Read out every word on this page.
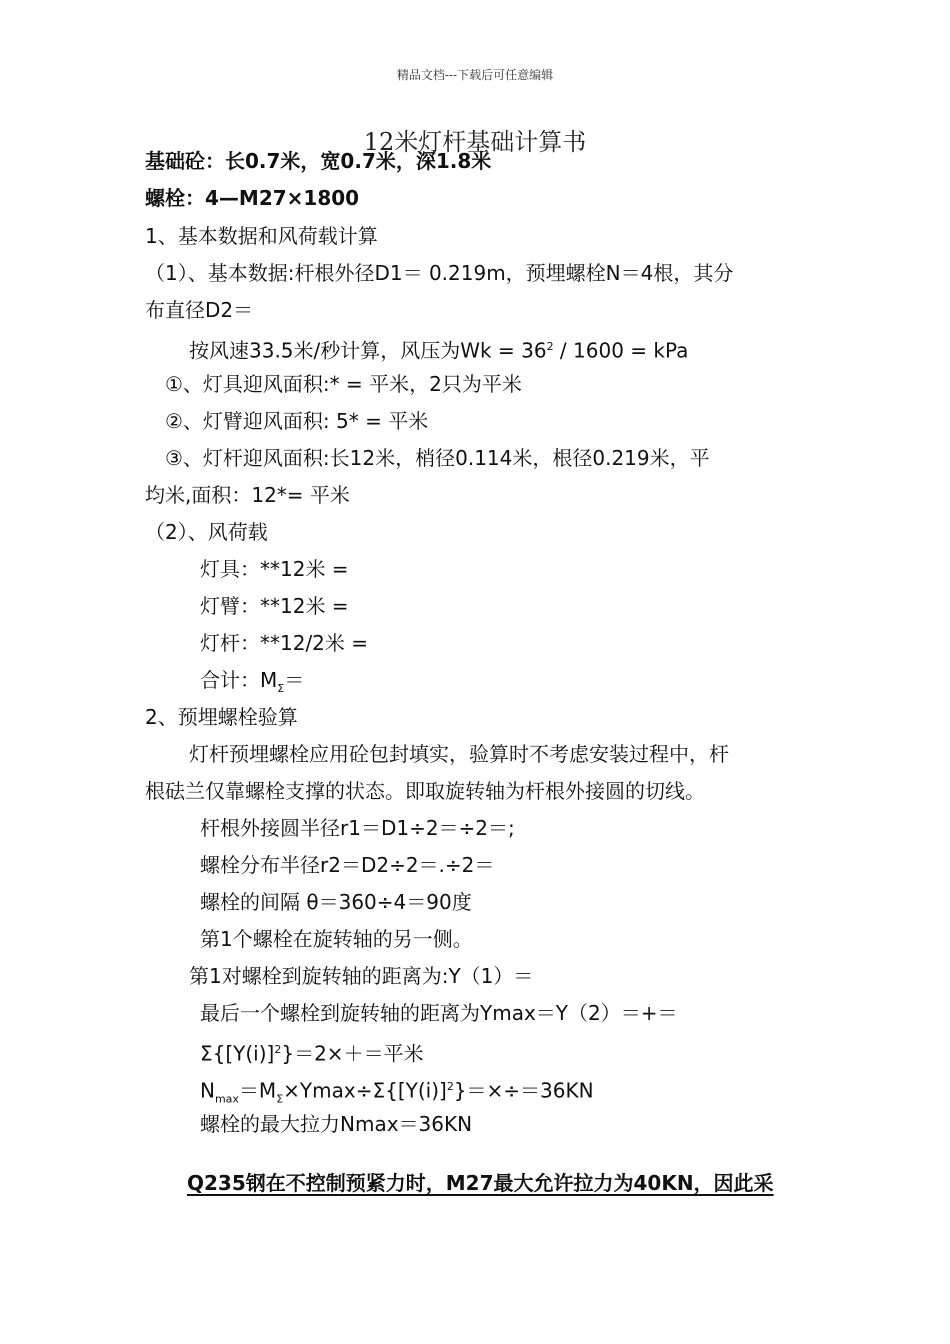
精品文档---下载后可任意编辑
12米灯杆基础计算书
基础砼：长0.7米，宽0.7米，深1.8米
螺栓：4—M27×1800
1、基本数据和风荷载计算
（1）、基本数据:杆根外径D1＝ 0.219m，预埋螺栓N＝4根，其分
布直径D2＝
按风速33.5米/秒计算，风压为$Wk = 36^2 / 1600$ = kPa
①、灯具迎风面积:* = 平米，2只为平米
②、灯臂迎风面积: 5* = 平米
③、灯杆迎风面积:长12米，梢径0.114米，根径0.219米，平
均米,面积：12*= 平米
（2）、风荷载
灯具：**12米 =
灯臂：**12米 =
灯杆：**12/2米 =
合计：$M_\Sigma=$
2、预埋螺栓验算
灯杆预埋螺栓应用砼包封填实，验算时不考虑安装过程中，杆
根砝兰仅靠螺栓支撑的状态。即取旋转轴为杆根外接圆的切线。
杆根外接圆半径r1＝D1÷2＝÷2＝;
螺栓分布半径r2＝D2÷2＝.÷2＝
螺栓的间隔 θ＝360÷4＝90度
第1个螺栓在旋转轴的另一侧。
第1对螺栓到旋转轴的距离为:Y（1）＝
最后一个螺栓到旋转轴的距离为Ymax＝Y（2）＝+＝
$\Sigma\{[Y(i)]^2\}=2\times+=$平米
$N_{max}=M_\Sigma\times Ymax\div\Sigma\{[Y(i)]^2\}=\times\div=36KN$
螺栓的最大拉力Nmax＝36KN
Q235钢在不控制预紧力时，M27最大允许拉力为40KN，因此采
